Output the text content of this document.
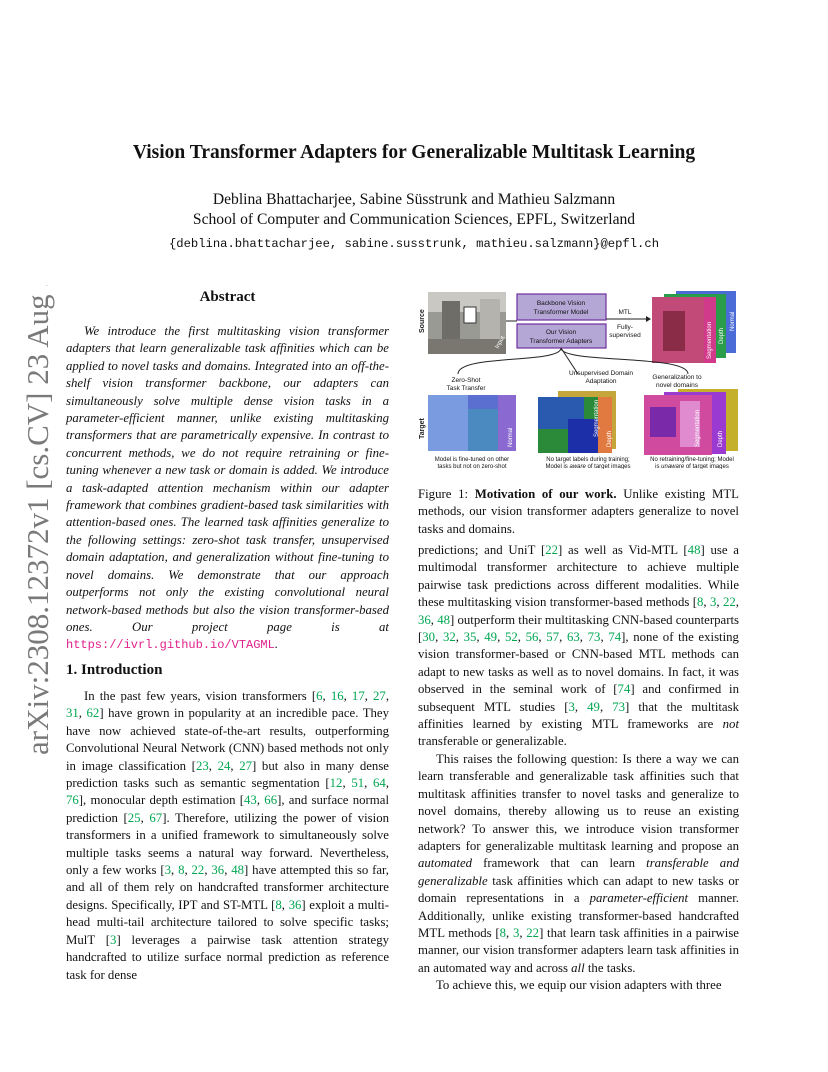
Vision Transformer Adapters for Generalizable Multitask Learning
Deblina Bhattacharjee, Sabine Süsstrunk and Mathieu Salzmann
School of Computer and Communication Sciences, EPFL, Switzerland
{deblina.bhattacharjee, sabine.susstrunk, mathieu.salzmann}@epfl.ch
arXiv:2308.12372v1 [cs.CV] 23 Aug 2023	Abstract

We introduce the first multitasking vision transformer adapters that learn generalizable task affinities which can be applied to novel tasks and domains. Integrated into an off-the-shelf vision transformer backbone, our adapters can simultaneously solve multiple dense vision tasks in a parameter-efficient manner, unlike existing multitasking transformers that are parametrically expensive. In contrast to concurrent methods, we do not require retraining or fine-tuning whenever a new task or domain is added. We introduce a task-adapted attention mechanism within our adapter framework that combines gradient-based task similarities with attention-based ones. The learned task affinities generalize to the following settings: zero-shot task transfer, unsupervised domain adaptation, and generalization without fine-tuning to novel domains. We demonstrate that our approach outperforms not only the existing convolutional neural network-based methods but also the vision transformer-based ones. Our project page is at https://ivrl.github.io/VTAGML.

1. Introduction

In the past few years, vision transformers [6, 16, 17, 27, 31, 62] have grown in popularity at an incredible pace. They have now achieved state-of-the-art results, outperforming Convolutional Neural Network (CNN) based methods not only in image classification [23, 24, 27] but also in many dense prediction tasks such as semantic segmentation [12, 51, 64, 76], monocular depth estimation [43, 66], and surface normal prediction [25, 67]. Therefore, utilizing the power of vision transformers in a unified framework to simultaneously solve multiple tasks seems a natural way forward. Nevertheless, only a few works [3, 8, 22, 36, 48] have attempted this so far, and all of them rely on handcrafted transformer architecture designs. Specifically, IPT and ST-MTL [8, 36] exploit a multi-head multi-tail architecture tailored to solve specific tasks; MulT [3] leverages a pairwise task attention strategy handcrafted to utilize surface normal prediction as reference task for dense

Source
Input
Backbone Vision
Transformer Model
Our Vision
Transformer Adapters
MTL
Fully-
supervised	Segmentation Depth
Normal
Zero-Shot
Task Transfer
Unsupervised Domain
Adaptation
Generalization to
novel domains
Target	Normal
Segmentation
Depth	Segmentation	Depth
Model is fine-tuned on other
tasks but not on zero-shot
No target labels during training;
Model is aware of target images
No retraining/fine-tuning; Model
is unaware of target images

Figure 1: Motivation of our work. Unlike existing MTL methods, our vision transformer adapters generalize to novel tasks and domains.

predictions; and UniT [22] as well as Vid-MTL [48] use a multimodal transformer architecture to achieve multiple pairwise task predictions across different modalities. While these multitasking vision transformer-based methods [8, 3, 22, 36, 48] outperform their multitasking CNN-based counterparts [30, 32, 35, 49, 52, 56, 57, 63, 73, 74], none of the existing vision transformer-based or CNN-based MTL methods can adapt to new tasks as well as to novel domains. In fact, it was observed in the seminal work of [74] and confirmed in subsequent MTL studies [3, 49, 73] that the multitask affinities learned by existing MTL frameworks are not transferable or generalizable.

This raises the following question: Is there a way we can learn transferable and generalizable task affinities such that multitask affinities transfer to novel tasks and generalize to novel domains, thereby allowing us to reuse an existing network? To answer this, we introduce vision transformer adapters for generalizable multitask learning and propose an automated framework that can learn transferable and generalizable task affinities which can adapt to new tasks or domain representations in a parameter-efficient manner. Additionally, unlike existing transformer-based handcrafted MTL methods [8, 3, 22] that learn task affinities in a pairwise manner, our vision transformer adapters learn task affinities in an automated way and across all the tasks.

To achieve this, we equip our vision adapters with three
